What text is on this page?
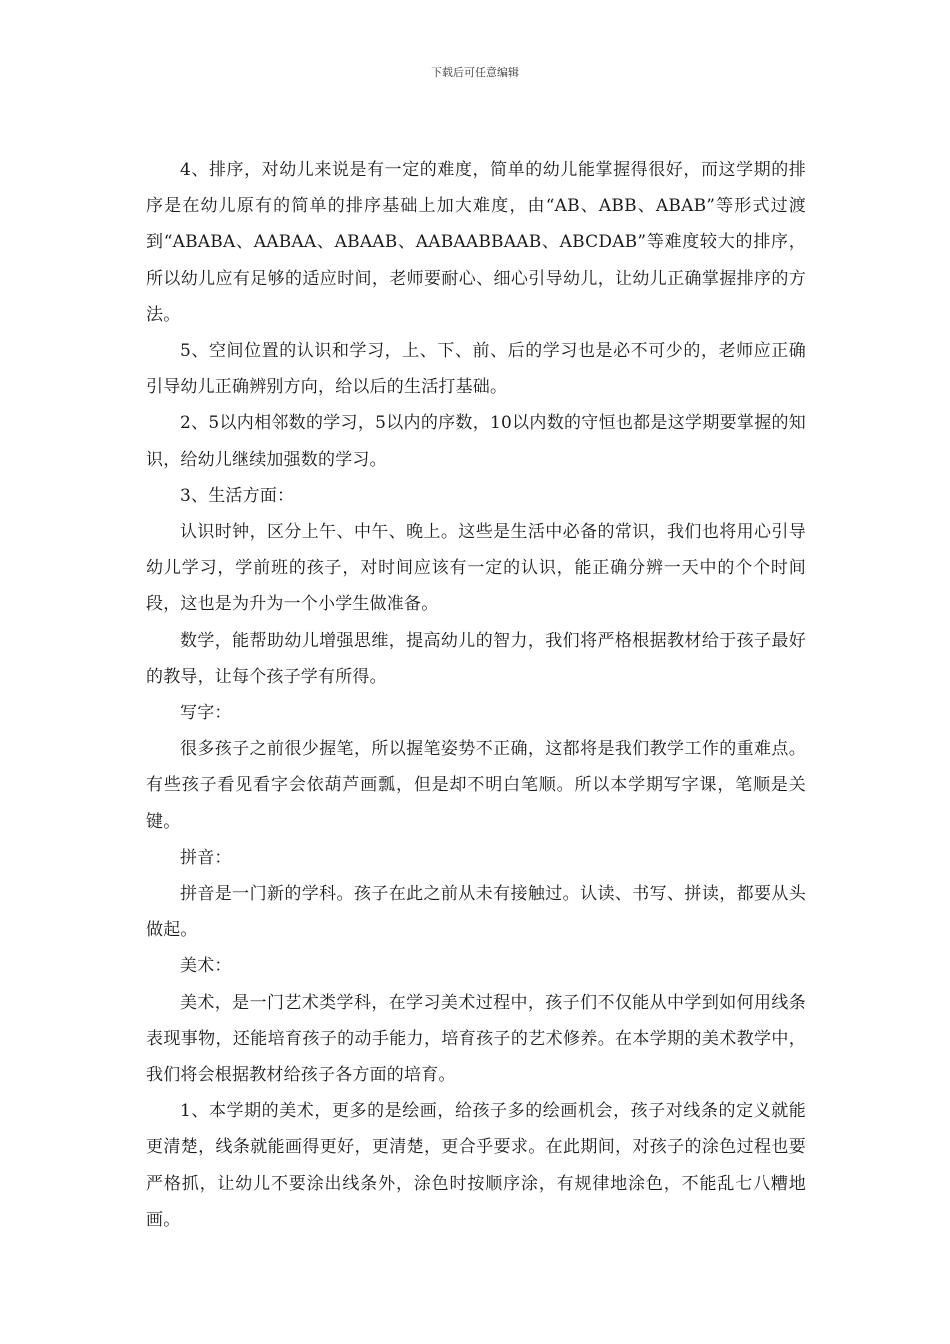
下载后可任意编辑

4、排序，对幼儿来说是有一定的难度，简单的幼儿能掌握得很好，而这学期的排序是在幼儿原有的简单的排序基础上加大难度，由“AB、ABB、ABAB”等形式过渡到“ABABA、AABAA、ABAAB、AABAABBAAB、ABCDAB”等难度较大的排序，所以幼儿应有足够的适应时间，老师要耐心、细心引导幼儿，让幼儿正确掌握排序的方法。

5、空间位置的认识和学习，上、下、前、后的学习也是必不可少的，老师应正确引导幼儿正确辨别方向，给以后的生活打基础。

2、5以内相邻数的学习，5以内的序数，10以内数的守恒也都是这学期要掌握的知识，给幼儿继续加强数的学习。

3、生活方面：

认识时钟，区分上午、中午、晚上。这些是生活中必备的常识，我们也将用心引导幼儿学习，学前班的孩子，对时间应该有一定的认识，能正确分辨一天中的个个时间段，这也是为升为一个小学生做准备。

数学，能帮助幼儿增强思维，提高幼儿的智力，我们将严格根据教材给于孩子最好的教导，让每个孩子学有所得。

写字：

很多孩子之前很少握笔，所以握笔姿势不正确，这都将是我们教学工作的重难点。有些孩子看见看字会依葫芦画瓢，但是却不明白笔顺。所以本学期写字课，笔顺是关键。

拼音：

拼音是一门新的学科。孩子在此之前从未有接触过。认读、书写、拼读，都要从头做起。

美术：

美术，是一门艺术类学科，在学习美术过程中，孩子们不仅能从中学到如何用线条表现事物，还能培育孩子的动手能力，培育孩子的艺术修养。在本学期的美术教学中，我们将会根据教材给孩子各方面的培育。

1、本学期的美术，更多的是绘画，给孩子多的绘画机会，孩子对线条的定义就能更清楚，线条就能画得更好，更清楚，更合乎要求。在此期间，对孩子的涂色过程也要严格抓，让幼儿不要涂出线条外，涂色时按顺序涂，有规律地涂色，不能乱七八糟地画。
